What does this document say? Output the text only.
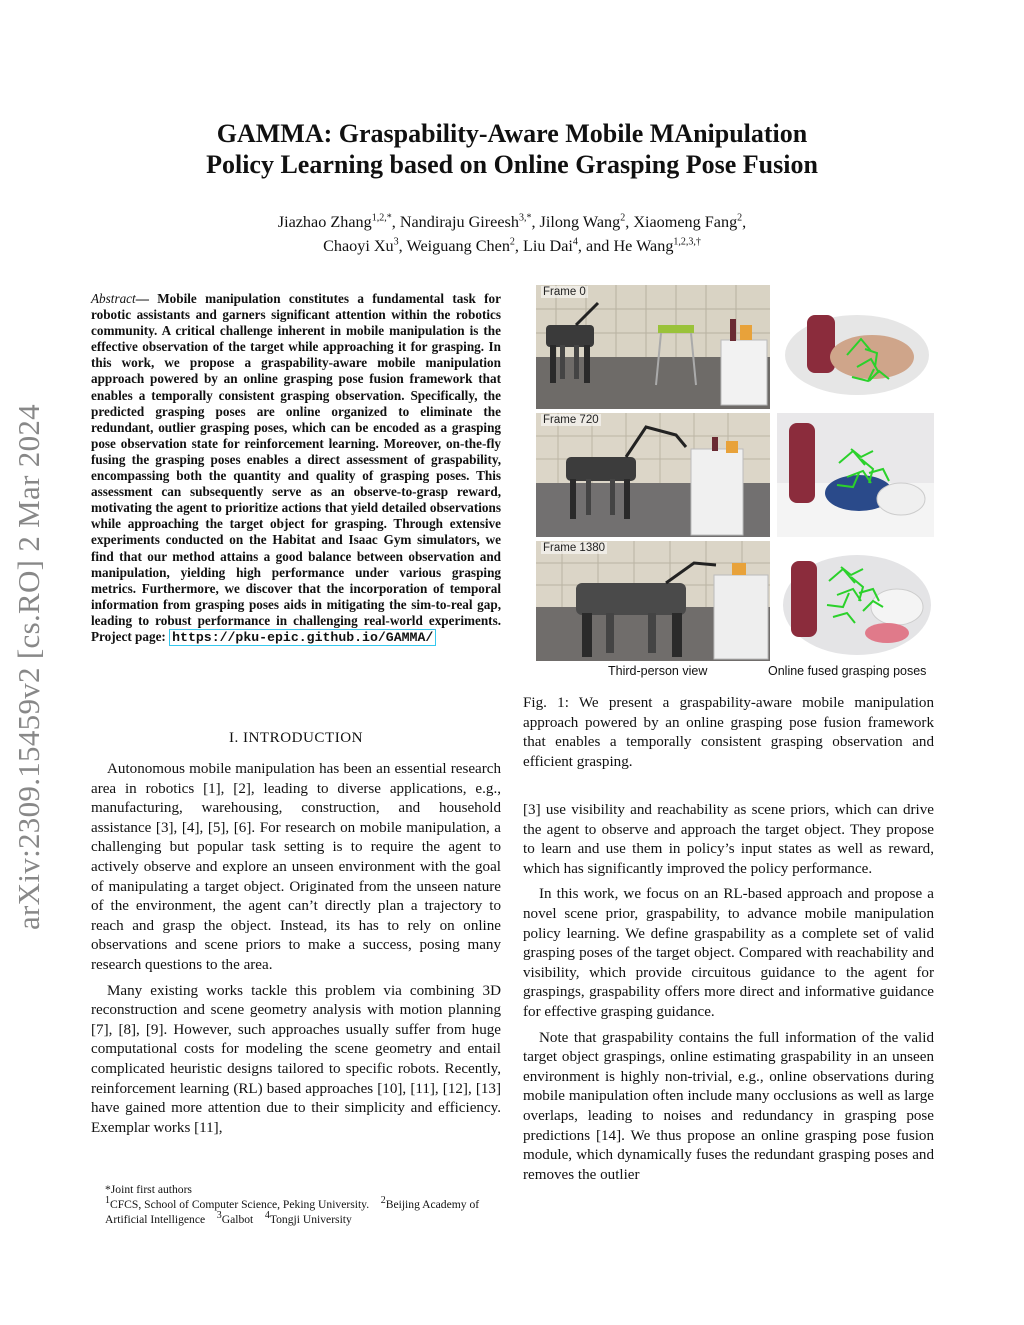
GAMMA: Graspability-Aware Mobile MAnipulation
Policy Learning based on Online Grasping Pose Fusion
Jiazhao Zhang$^{1,2,*}$, Nandiraju Gireesh$^{3,*}$, Jilong Wang$^2$, Xiaomeng Fang$^2$,
Chaoyi Xu$^3$, Weiguang Chen$^2$, Liu Dai$^4$, and He Wang$^{1,2,3,\dagger}$
arXiv:2309.15459v2 [cs.RO] 2 Mar 2024
Abstract— Mobile manipulation constitutes a fundamental task for robotic assistants and garners significant attention within the robotics community. A critical challenge inherent in mobile manipulation is the effective observation of the target while approaching it for grasping. In this work, we propose a graspability-aware mobile manipulation approach powered by an online grasping pose fusion framework that enables a temporally consistent grasping observation. Specifically, the predicted grasping poses are online organized to eliminate the redundant, outlier grasping poses, which can be encoded as a grasping pose observation state for reinforcement learning. Moreover, on-the-fly fusing the grasping poses enables a direct assessment of graspability, encompassing both the quantity and quality of grasping poses. This assessment can subsequently serve as an observe-to-grasp reward, motivating the agent to prioritize actions that yield detailed observations while approaching the target object for grasping. Through extensive experiments conducted on the Habitat and Isaac Gym simulators, we find that our method attains a good balance between observation and manipulation, yielding high performance under various grasping metrics. Furthermore, we discover that the incorporation of temporal information from grasping poses aids in mitigating the sim-to-real gap, leading to robust performance in challenging real-world experiments. Project page: https://pku-epic.github.io/GAMMA/
I. INTRODUCTION

Autonomous mobile manipulation has been an essential research area in robotics [1], [2], leading to diverse applications, e.g., manufacturing, warehousing, construction, and household assistance [3], [4], [5], [6]. For research on mobile manipulation, a challenging but popular task setting is to require the agent to actively observe and explore an unseen environment with the goal of manipulating a target object. Originated from the unseen nature of the environment, the agent can’t directly plan a trajectory to reach and grasp the object. Instead, its has to rely on online observations and scene priors to make a success, posing many research questions to the area.

Many existing works tackle this problem via combining 3D reconstruction and scene geometry analysis with motion planning [7], [8], [9]. However, such approaches usually suffer from huge computational costs for modeling the scene geometry and entail complicated heuristic designs tailored to specific robots. Recently, reinforcement learning (RL) based approaches [10], [11], [12], [13] have gained more attention due to their simplicity and efficiency. Exemplar works [11],

*Joint first authors
$^1$CFCS, School of Computer Science, Peking University. $^2$Beijing Academy of Artificial Intelligence $^3$Galbot $^4$Tongji University
Frame 0
Frame 720
Frame 1380
Third-person view	Online fused grasping poses
Fig. 1: We present a graspability-aware mobile manipulation approach powered by an online grasping pose fusion framework that enables a temporally consistent grasping observation and efficient grasping.

[3] use visibility and reachability as scene priors, which can drive the agent to observe and approach the target object. They propose to learn and use them in policy’s input states as well as reward, which has significantly improved the policy performance.

In this work, we focus on an RL-based approach and propose a novel scene prior, graspability, to advance mobile manipulation policy learning. We define graspability as a complete set of valid grasping poses of the target object. Compared with reachability and visibility, which provide circuitous guidance to the agent for graspings, graspability offers more direct and informative guidance for effective grasping guidance.

Note that graspability contains the full information of the valid target object graspings, online estimating graspability in an unseen environment is highly non-trivial, e.g., online observations during mobile manipulation often include many occlusions as well as large overlaps, leading to noises and redundancy in grasping pose predictions [14]. We thus propose an online grasping pose fusion module, which dynamically fuses the redundant grasping poses and removes the outlier
